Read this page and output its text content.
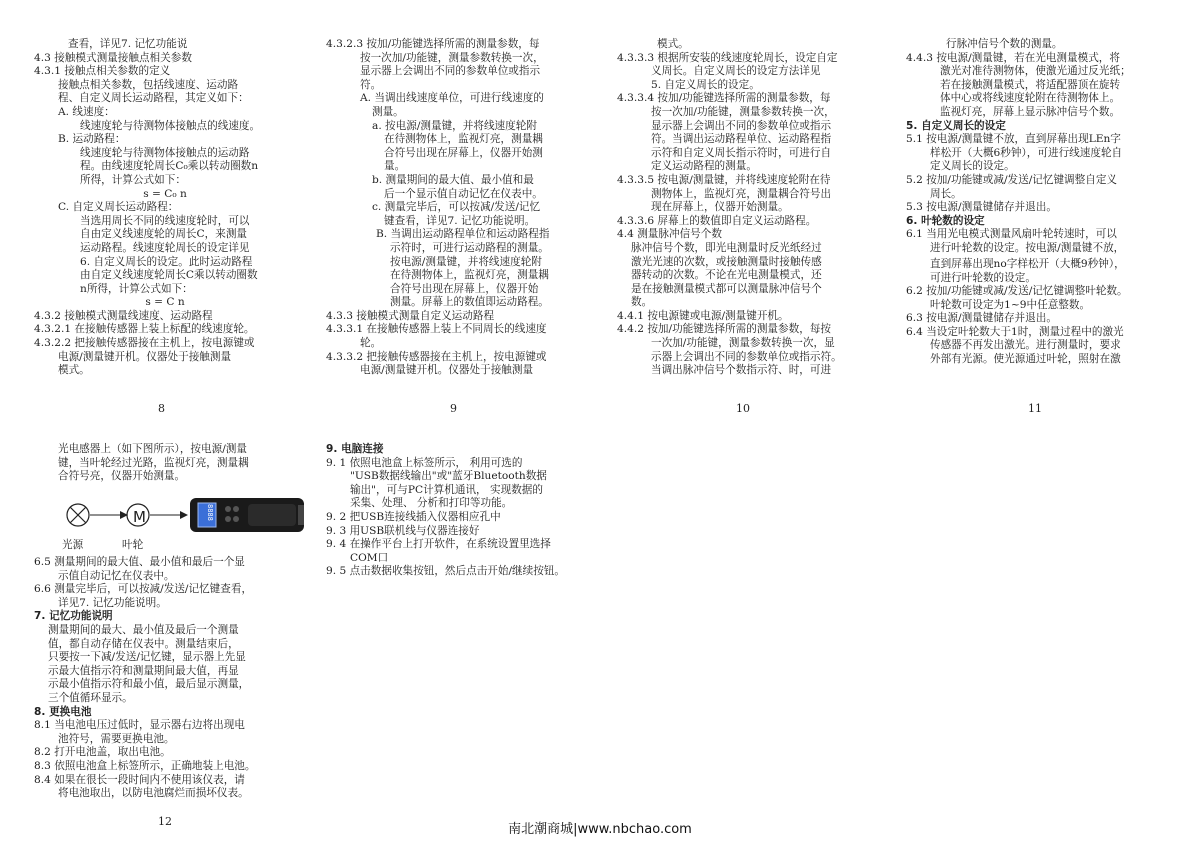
查看，详见7. 记忆功能说

4.3 接触模式测量接触点相关参数

4.3.1 接触点相关参数的定义

接触点相关参数，包括线速度、运动路

程、自定义周长运动路程，其定义如下：

A. 线速度：

线速度轮与待测物体接触点的线速度。

B. 运动路程：

线速度轮与待测物体接触点的运动路

程。由线速度轮周长C₀乘以转动圈数n

所得，计算公式如下：

s = C₀ n

C. 自定义周长运动路程：

当选用周长不同的线速度轮时，可以

自由定义线速度轮的周长C，来测量

运动路程。线速度轮周长的设定详见

6. 自定义周长的设定。此时运动路程

由自定义线速度轮周长C乘以转动圈数

n所得，计算公式如下：

s = C n

4.3.2 接触模式测量线速度、运动路程

4.3.2.1 在接触传感器上装上标配的线速度轮。

4.3.2.2 把接触传感器接在主机上，按电源键或

电源/测量键开机。仪器处于接触测量

模式。

8

4.3.2.3 按加/功能键选择所需的测量参数，每

按一次加/功能键，测量参数转换一次，

显示器上会调出不同的参数单位或指示

符。

A. 当调出线速度单位，可进行线速度的

测量。

a. 按电源/测量键，并将线速度轮附

在待测物体上，监视灯亮，测量耦

合符号出现在屏幕上，仪器开始测

量。

b. 测量期间的最大值、最小值和最

后一个显示值自动记忆在仪表中。

c. 测量完毕后，可以按减/发送/记忆

键查看，详见7. 记忆功能说明。

B. 当调出运动路程单位和运动路程指

示符时，可进行运动路程的测量。

按电源/测量键，并将线速度轮附

在待测物体上，监视灯亮，测量耦

合符号出现在屏幕上，仪器开始

测量。屏幕上的数值即运动路程。

4.3.3 接触模式测量自定义运动路程

4.3.3.1 在接触传感器上装上不同周长的线速度

轮。

4.3.3.2 把接触传感器接在主机上，按电源键或

电源/测量键开机。仪器处于接触测量

9

模式。

4.3.3.3 根据所安装的线速度轮周长，设定自定

义周长。自定义周长的设定方法详见

5. 自定义周长的设定。

4.3.3.4 按加/功能键选择所需的测量参数，每

按一次加/功能键，测量参数转换一次，

显示器上会调出不同的参数单位或指示

符。当调出运动路程单位、运动路程指

示符和自定义周长指示符时，可进行自

定义运动路程的测量。

4.3.3.5 按电源/测量键，并将线速度轮附在待

测物体上，监视灯亮，测量耦合符号出

现在屏幕上，仪器开始测量。

4.3.3.6 屏幕上的数值即自定义运动路程。

4.4 测量脉冲信号个数

脉冲信号个数，即光电测量时反光纸经过

激光光速的次数，或接触测量时接触传感

器转动的次数。不论在光电测量模式，还

是在接触测量模式都可以测量脉冲信号个

数。

4.4.1 按电源键或电源/测量键开机。

4.4.2 按加/功能键选择所需的测量参数，每按

一次加/功能键，测量参数转换一次，显

示器上会调出不同的参数单位或指示符。

当调出脉冲信号个数指示符、时，可进

10

行脉冲信号个数的测量。

4.4.3 按电源/测量键，若在光电测量模式，将

激光对准待测物体，使激光通过反光纸；

若在接触测量模式，将适配器顶在旋转

体中心或将线速度轮附在待测物体上。

监视灯亮，屏幕上显示脉冲信号个数。

5. 自定义周长的设定

5.1 按电源/测量键不放，直到屏幕出现LEn字

样松开（大概6秒钟），可进行线速度轮自

定义周长的设定。

5.2 按加/功能键或减/发送/记忆键调整自定义

周长。

5.3 按电源/测量键储存并退出。

6. 叶轮数的设定

6.1 当用光电模式测量风扇叶轮转速时，可以

进行叶轮数的设定。按电源/测量键不放，

直到屏幕出现no字样松开（大概9秒钟），

可进行叶轮数的设定。

6.2 按加/功能键或减/发送/记忆键调整叶轮数。

叶轮数可设定为1~9中任意整数。

6.3 按电源/测量键储存并退出。

6.4 当设定叶轮数大于1时，测量过程中的激光

传感器不再发出激光。进行测量时，要求

外部有光源。使光源通过叶轮，照射在激

11

光电感器上（如下图所示），按电源/测量

键，当叶轮经过光路，监视灯亮，测量耦

合符号亮，仪器开始测量。

M	8888
光源	叶轮

6.5 测量期间的最大值、最小值和最后一个显

示值自动记忆在仪表中。

6.6 测量完毕后，可以按减/发送/记忆键查看，

详见7. 记忆功能说明。

7. 记忆功能说明

测量期间的最大、最小值及最后一个测量

值，都自动存储在仪表中。测量结束后，

只要按一下减/发送/记忆键，显示器上先显

示最大值指示符和测量期间最大值，再显

示最小值指示符和最小值，最后显示测量，

三个值循环显示。

8. 更换电池

8.1 当电池电压过低时，显示器右边将出现电

池符号，需要更换电池。

8.2 打开电池盖，取出电池。

8.3 依照电池盒上标签所示，正确地装上电池。

8.4 如果在很长一段时间内不使用该仪表，请

将电池取出，以防电池腐烂而损坏仪表。

12

9. 电脑连接

9. 1 依照电池盒上标签所示， 利用可选的

"USB数据线输出"或"蓝牙Bluetooth数据

输出"，可与PC计算机通讯， 实现数据的

采集、处理、 分析和打印等功能。

9. 2 把USB连接线插入仪器相应孔中

9. 3 用USB联机线与仪器连接好

9. 4 在操作平台上打开软件，在系统设置里选择

COM口

9. 5 点击数据收集按钮，然后点击开始/继续按钮。

南北潮商城|www.nbchao.com
